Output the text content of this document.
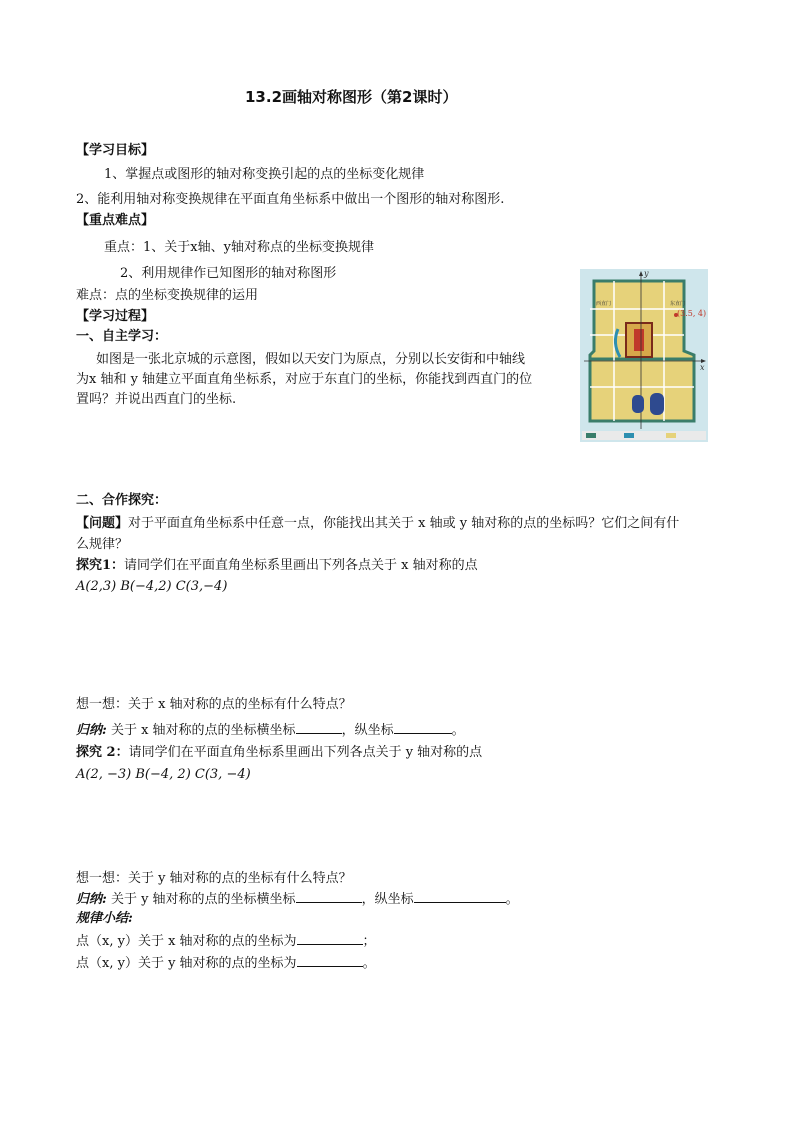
13.2画轴对称图形（第2课时）
【学习目标】
1、掌握点或图形的轴对称变换引起的点的坐标变化规律
2、能利用轴对称变换规律在平面直角坐标系中做出一个图形的轴对称图形.
【重点难点】
重点：1、关于x轴、y轴对称点的坐标变换规律
2、利用规律作已知图形的轴对称图形
难点：点的坐标变换规律的运用
【学习过程】
一、自主学习：
如图是一张北京城的示意图，假如以天安门为原点，分别以长安街和中轴线
为x 轴和 y 轴建立平面直角坐标系，对应于东直门的坐标，你能找到西直门的位
置吗？并说出西直门的坐标.
(3.5, 4)
y
x
西直门	东直门
二、合作探究：
【问题】对于平面直角坐标系中任意一点，你能找出其关于 x 轴或 y 轴对称的点的坐标吗？它们之间有什
么规律？
探究1：请同学们在平面直角坐标系里画出下列各点关于 x 轴对称的点
A(2,3) B(−4,2) C(3,−4)
想一想：关于 x 轴对称的点的坐标有什么特点？
归纳: 关于 x 轴对称的点的坐标横坐标	，纵坐标	。
探究 2：请同学们在平面直角坐标系里画出下列各点关于 y 轴对称的点
A(2, −3) B(−4, 2) C(3, −4)
想一想：关于 y 轴对称的点的坐标有什么特点？
归纳: 关于 y 轴对称的点的坐标横坐标	，纵坐标	。
规律小结:
点（x, y）关于 x 轴对称的点的坐标为	；
点（x, y）关于 y 轴对称的点的坐标为	。
